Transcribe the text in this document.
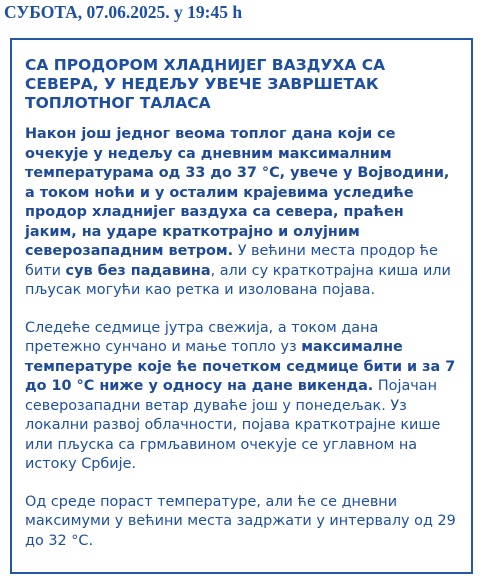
СУБОТА, 07.06.2025. у 19:45 h
СА ПРОДОРОМ ХЛАДНИЈЕГ ВАЗДУХА СА СЕВЕРА, У НЕДЕЉУ УВЕЧЕ ЗАВРШЕТАК ТОПЛОТНОГ ТАЛАСА

Након још једног веома топлог дана који се очекује у недељу са дневним максималним температурама од 33 до 37 °C, увече у Војводини, а током ноћи и у осталим крајевима уследиће продор хладнијег ваздуха са севера, праћен јаким, на ударе краткотрајно и олујним северозападним ветром. У већини места продор ће бити сув без падавина, али су краткотрајна киша или пљусак могући као ретка и изолована појава.

Следеће седмице јутра свежија, а током дана претежно сунчано и мање топло уз максималне температуре које ће почетком седмице бити и за 7 до 10 °C ниже у односу на дане викенда. Појачан северозападни ветар дуваће још у понедељак. Уз локални развој облачности, појава краткотрајне кише или пљуска са грмљавином очекује се углавном на истоку Србије.

Од среде пораст температуре, али ће се дневни максимуми у већини места задржати у интервалу од 29 до 32 °C.
